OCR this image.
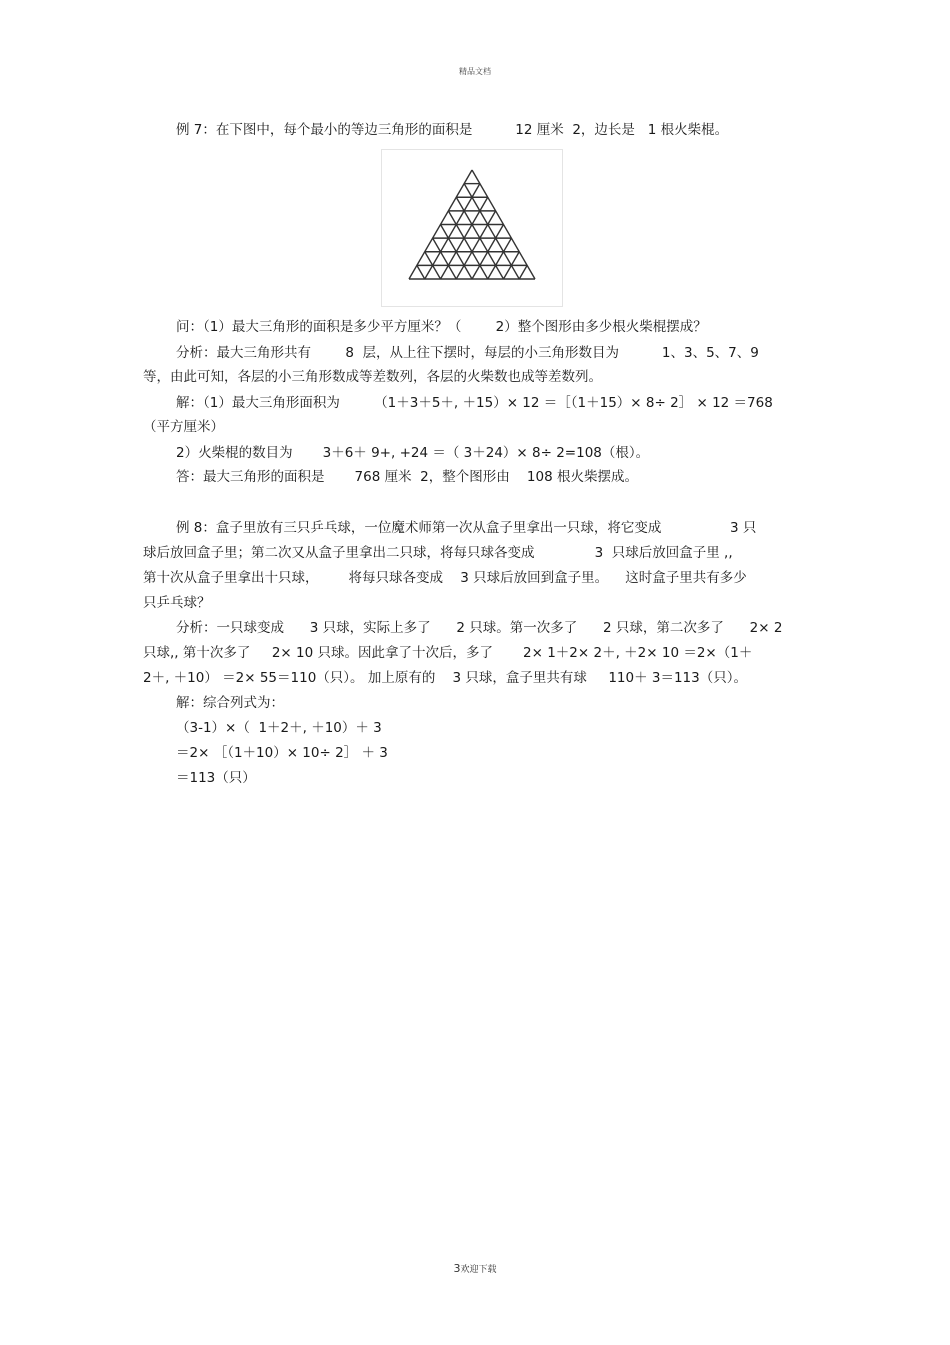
精品文档
例 7：在下图中，每个最小的等边三角形的面积是          12 厘米  2，边长是   1 根火柴棍。
问：（1）最大三角形的面积是多少平方厘米？（        2）整个图形由多少根火柴棍摆成？
分析：最大三角形共有        8  层，从上往下摆时，每层的小三角形数目为          1、3、5、7、9
等，由此可知，各层的小三角形数成等差数列，各层的火柴数也成等差数列。
解：（1）最大三角形面积为        （1＋3＋5＋, ＋15）× 12 ＝［（1＋15）× 8÷ 2］ × 12 ＝768
（平方厘米）
2）火柴棍的数目为       3＋6＋ 9+, +24 ＝（ 3＋24）× 8÷ 2=108（根）。
答：最大三角形的面积是       768 厘米  2，整个图形由    108 根火柴摆成。
例 8：盒子里放有三只乒乓球，一位魔术师第一次从盒子里拿出一只球，将它变成                3 只
球后放回盒子里；第二次又从盒子里拿出二只球，将每只球各变成              3  只球后放回盒子里 ,,
第十次从盒子里拿出十只球，       将每只球各变成    3 只球后放回到盒子里。    这时盒子里共有多少
只乒乓球？
分析：一只球变成      3 只球，实际上多了      2 只球。第一次多了      2 只球，第二次多了      2× 2
只球,, 第十次多了     2× 10 只球。因此拿了十次后，多了       2× 1＋2× 2＋, ＋2× 10 ＝2×（1＋
2＋, ＋10） ＝2× 55＝110（只）。 加上原有的    3 只球，盒子里共有球     110＋ 3＝113（只）。
解：综合列式为：
（3-1）×（  1＋2＋, ＋10）＋ 3
＝2× ［（1＋10）× 10÷ 2］ ＋ 3
＝113（只）
3欢迎下载
